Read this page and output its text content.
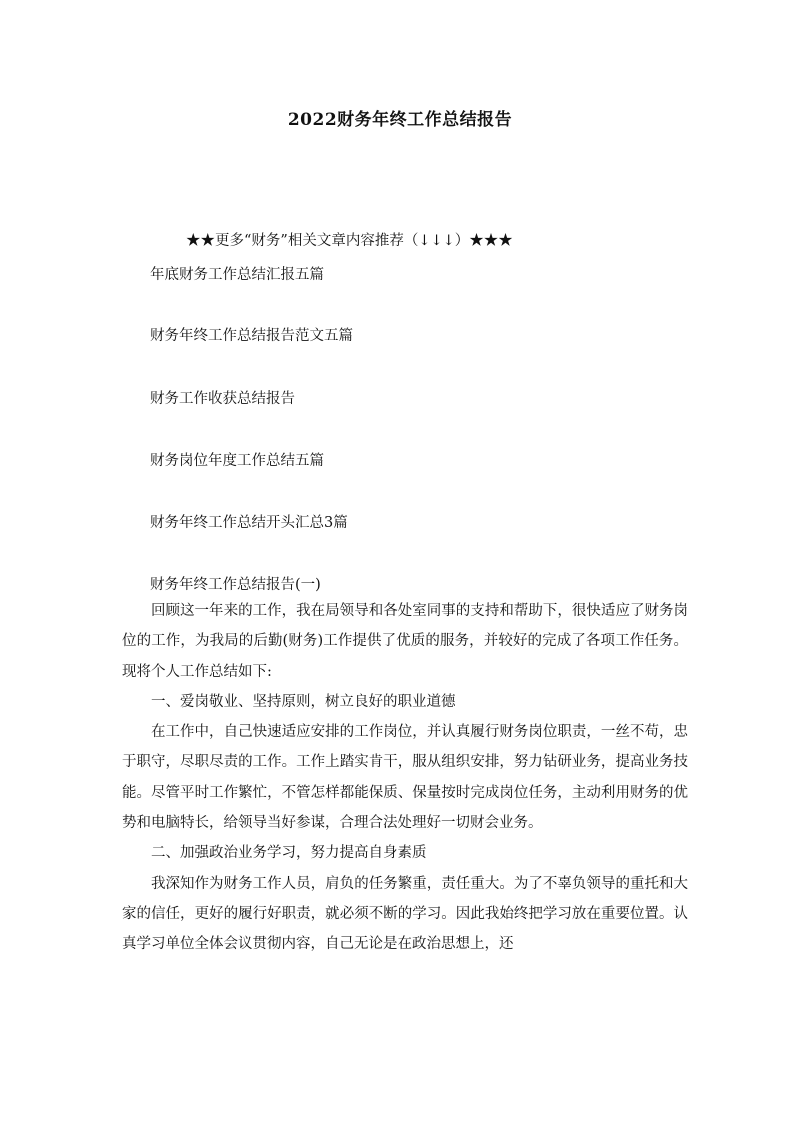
2022财务年终工作总结报告
★★更多“财务”相关文章内容推荐（↓↓↓）★★★
年底财务工作总结汇报五篇
财务年终工作总结报告范文五篇
财务工作收获总结报告
财务岗位年度工作总结五篇
财务年终工作总结开头汇总3篇
财务年终工作总结报告(一)

回顾这一年来的工作，我在局领导和各处室同事的支持和帮助下，很快适应了财务岗位的工作，为我局的后勤(财务)工作提供了优质的服务，并较好的完成了各项工作任务。现将个人工作总结如下:

一、爱岗敬业、坚持原则，树立良好的职业道德

在工作中，自己快速适应安排的工作岗位，并认真履行财务岗位职责，一丝不苟，忠于职守，尽职尽责的工作。工作上踏实肯干，服从组织安排，努力钻研业务，提高业务技能。尽管平时工作繁忙，不管怎样都能保质、保量按时完成岗位任务，主动利用财务的优势和电脑特长，给领导当好参谋，合理合法处理好一切财会业务。

二、加强政治业务学习，努力提高自身素质

我深知作为财务工作人员，肩负的任务繁重，责任重大。为了不辜负领导的重托和大家的信任，更好的履行好职责，就必须不断的学习。因此我始终把学习放在重要位置。认真学习单位全体会议贯彻内容，自己无论是在政治思想上，还
